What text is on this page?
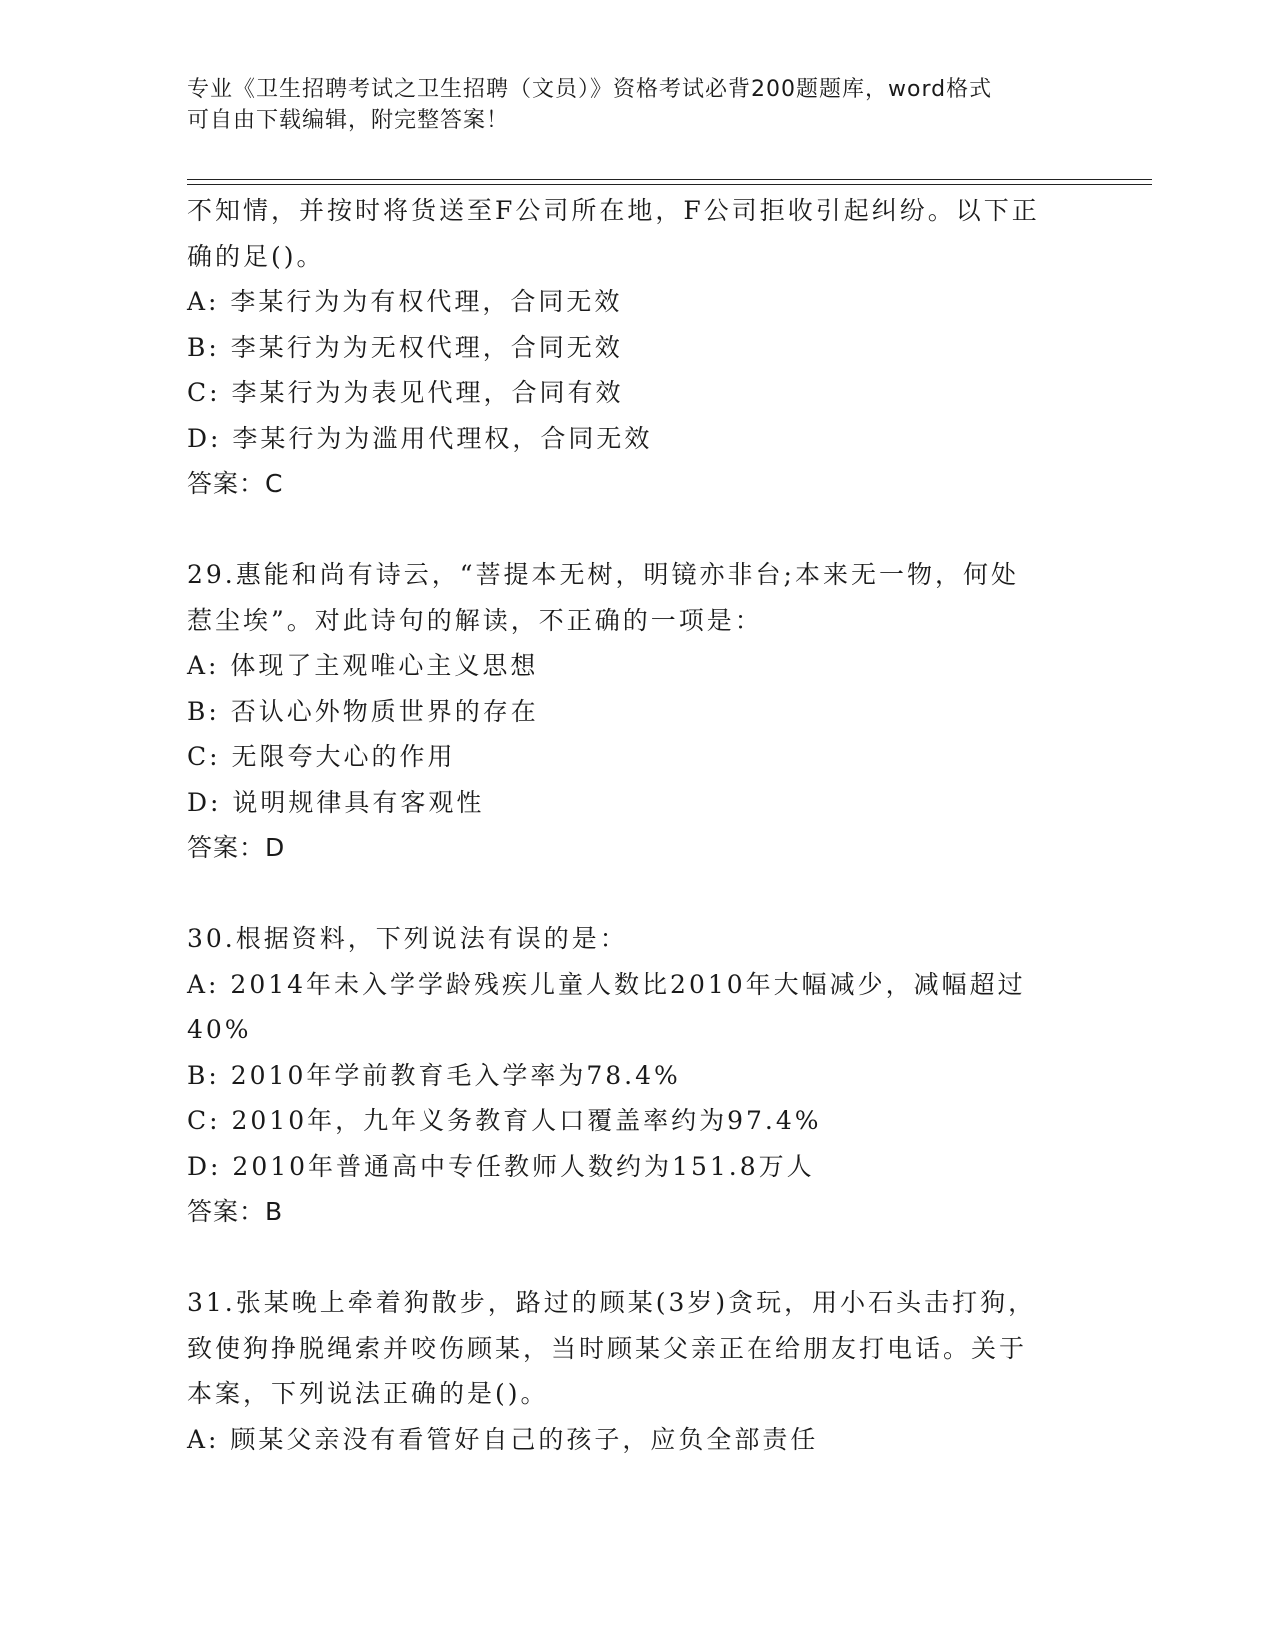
专业《卫生招聘考试之卫生招聘（文员）》资格考试必背200题题库，word格式
可自由下载编辑，附完整答案！
不知情，并按时将货送至F公司所在地，F公司拒收引起纠纷。以下正
确的足()。
A: 李某行为为有权代理，合同无效
B: 李某行为为无权代理，合同无效
C: 李某行为为表见代理，合同有效
D: 李某行为为滥用代理权，合同无效
答案：C
29.惠能和尚有诗云，“菩提本无树，明镜亦非台;本来无一物，何处
惹尘埃”。对此诗句的解读，不正确的一项是：
A: 体现了主观唯心主义思想
B: 否认心外物质世界的存在
C: 无限夸大心的作用
D: 说明规律具有客观性
答案：D
30.根据资料，下列说法有误的是：
A: 2014年未入学学龄残疾儿童人数比2010年大幅减少，减幅超过
40%
B: 2010年学前教育毛入学率为78.4%
C: 2010年，九年义务教育人口覆盖率约为97.4%
D: 2010年普通高中专任教师人数约为151.8万人
答案：B
31.张某晚上牵着狗散步，路过的顾某(3岁)贪玩，用小石头击打狗，
致使狗挣脱绳索并咬伤顾某，当时顾某父亲正在给朋友打电话。关于
本案，下列说法正确的是()。
A: 顾某父亲没有看管好自己的孩子，应负全部责任
